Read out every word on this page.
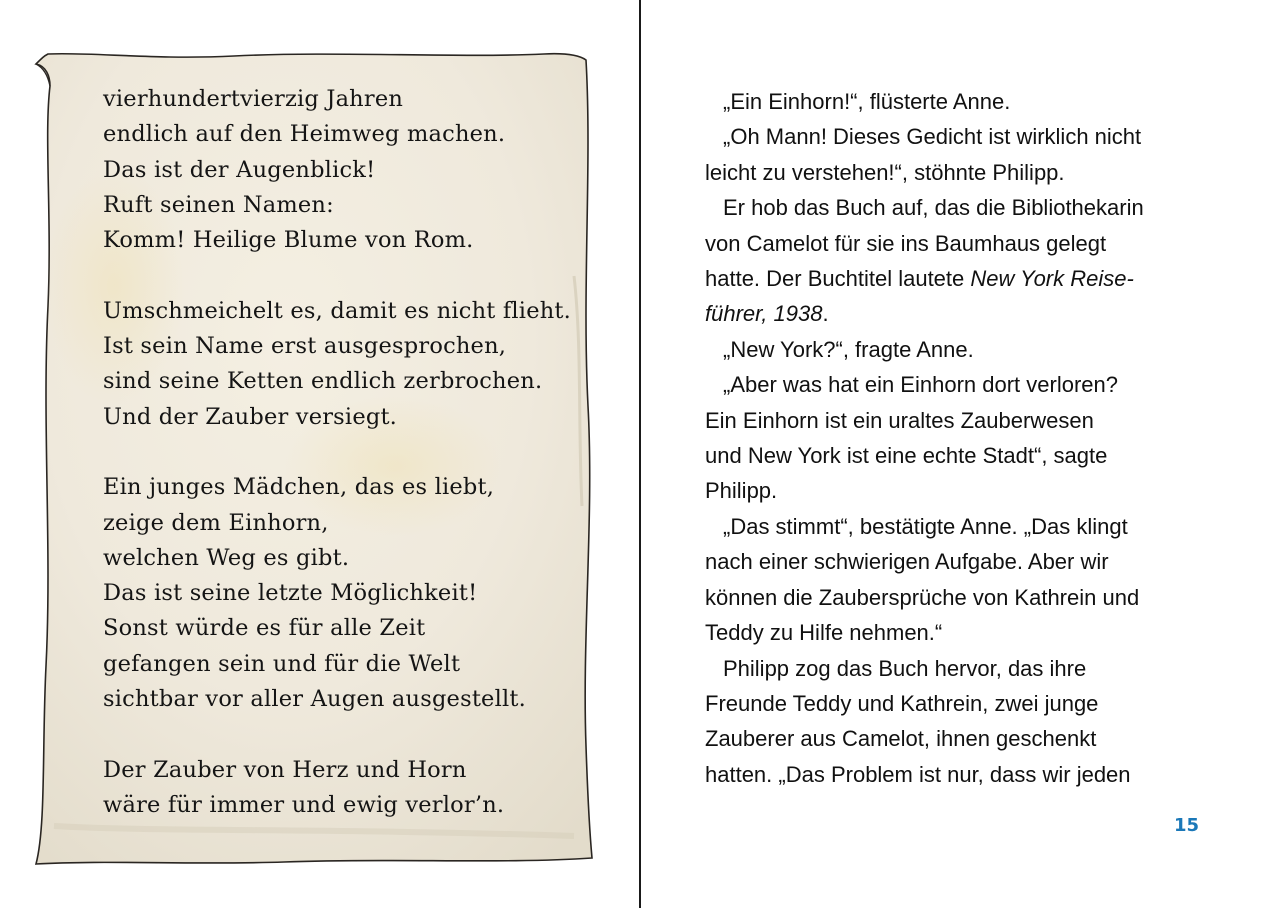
vierhundertvierzig Jahren
endlich auf den Heimweg machen.
Das ist der Augenblick!
Ruft seinen Namen:
Komm! Heilige Blume von Rom.
Umschmeichelt es, damit es nicht flieht.
Ist sein Name erst ausgesprochen,
sind seine Ketten endlich zerbrochen.
Und der Zauber versiegt.
Ein junges Mädchen, das es liebt,
zeige dem Einhorn,
welchen Weg es gibt.
Das ist seine letzte Möglichkeit!
Sonst würde es für alle Zeit
gefangen sein und für die Welt
sichtbar vor aller Augen ausgestellt.
Der Zauber von Herz und Horn
wäre für immer und ewig verlor’n.
„Ein Einhorn!“, flüsterte Anne.
„Oh Mann! Dieses Gedicht ist wirklich nicht
leicht zu verstehen!“, stöhnte Philipp.
Er hob das Buch auf, das die Bibliothekarin
von Camelot für sie ins Baumhaus gelegt
hatte. Der Buchtitel lautete New York Reise-
führer, 1938.
„New York?“, fragte Anne.
„Aber was hat ein Einhorn dort verloren?
Ein Einhorn ist ein uraltes Zauberwesen
und New York ist eine echte Stadt“, sagte
Philipp.
„Das stimmt“, bestätigte Anne. „Das klingt
nach einer schwierigen Aufgabe. Aber wir
können die Zaubersprüche von Kathrein und
Teddy zu Hilfe nehmen.“
Philipp zog das Buch hervor, das ihre
Freunde Teddy und Kathrein, zwei junge
Zauberer aus Camelot, ihnen geschenkt
hatten. „Das Problem ist nur, dass wir jeden
15
